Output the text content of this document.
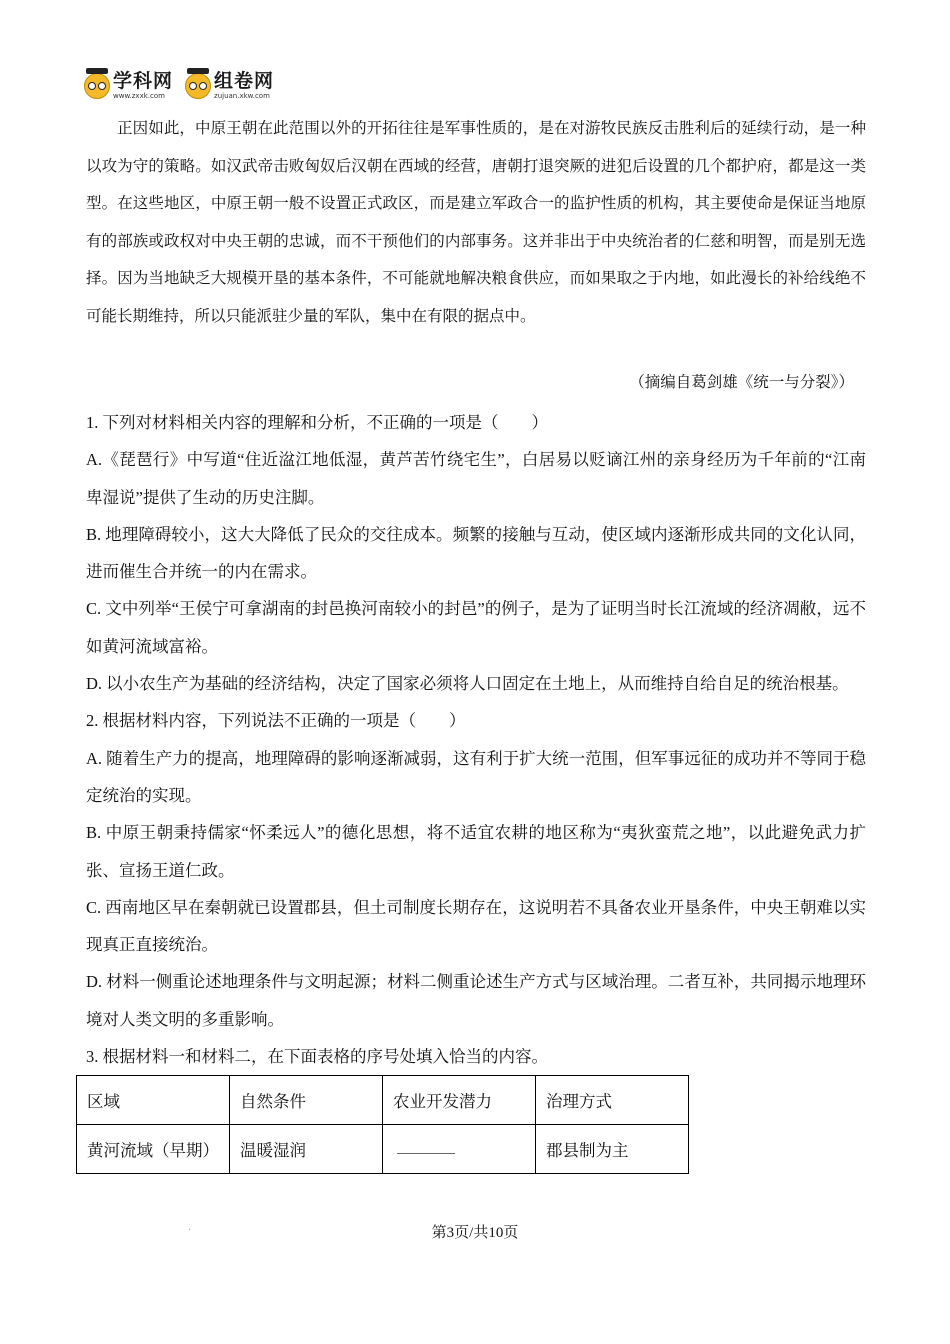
学科网
www.zxxk.com
组卷网
zujuan.xkw.com

正因如此，中原王朝在此范围以外的开拓往往是军事性质的，是在对游牧民族反击胜利后的延续行动，是一种以攻为守的策略。如汉武帝击败匈奴后汉朝在西域的经营，唐朝打退突厥的进犯后设置的几个都护府，都是这一类型。在这些地区，中原王朝一般不设置正式政区，而是建立军政合一的监护性质的机构，其主要使命是保证当地原有的部族或政权对中央王朝的忠诚，而不干预他们的内部事务。这并非出于中央统治者的仁慈和明智，而是别无选择。因为当地缺乏大规模开垦的基本条件，不可能就地解决粮食供应，而如果取之于内地，如此漫长的补给线绝不可能长期维持，所以只能派驻少量的军队，集中在有限的据点中。

（摘编自葛剑雄《统一与分裂》）

1. 下列对材料相关内容的理解和分析，不正确的一项是（　　）

A.《琵琶行》中写道“住近湓江地低湿，黄芦苦竹绕宅生”，白居易以贬谪江州的亲身经历为千年前的“江南卑湿说”提供了生动的历史注脚。

B. 地理障碍较小，这大大降低了民众的交往成本。频繁的接触与互动，使区域内逐渐形成共同的文化认同，进而催生合并统一的内在需求。

C. 文中列举“王侯宁可拿湖南的封邑换河南较小的封邑”的例子，是为了证明当时长江流域的经济凋敝，远不如黄河流域富裕。

D. 以小农生产为基础的经济结构，决定了国家必须将人口固定在土地上，从而维持自给自足的统治根基。

2. 根据材料内容，下列说法不正确的一项是（　　）

A. 随着生产力的提高，地理障碍的影响逐渐减弱，这有利于扩大统一范围，但军事远征的成功并不等同于稳定统治的实现。

B. 中原王朝秉持儒家“怀柔远人”的德化思想，将不适宜农耕的地区称为“夷狄蛮荒之地”，以此避免武力扩张、宣扬王道仁政。

C. 西南地区早在秦朝就已设置郡县，但土司制度长期存在，这说明若不具备农业开垦条件，中央王朝难以实现真正直接统治。

D. 材料一侧重论述地理条件与文明起源；材料二侧重论述生产方式与区域治理。二者互补，共同揭示地理环境对人类文明的多重影响。

3. 根据材料一和材料二，在下面表格的序号处填入恰当的内容。

区域	自然条件	农业开发潜力	治理方式
黄河流域（早期）	温暖湿润		郡县制为主
.	第3页/共10页
